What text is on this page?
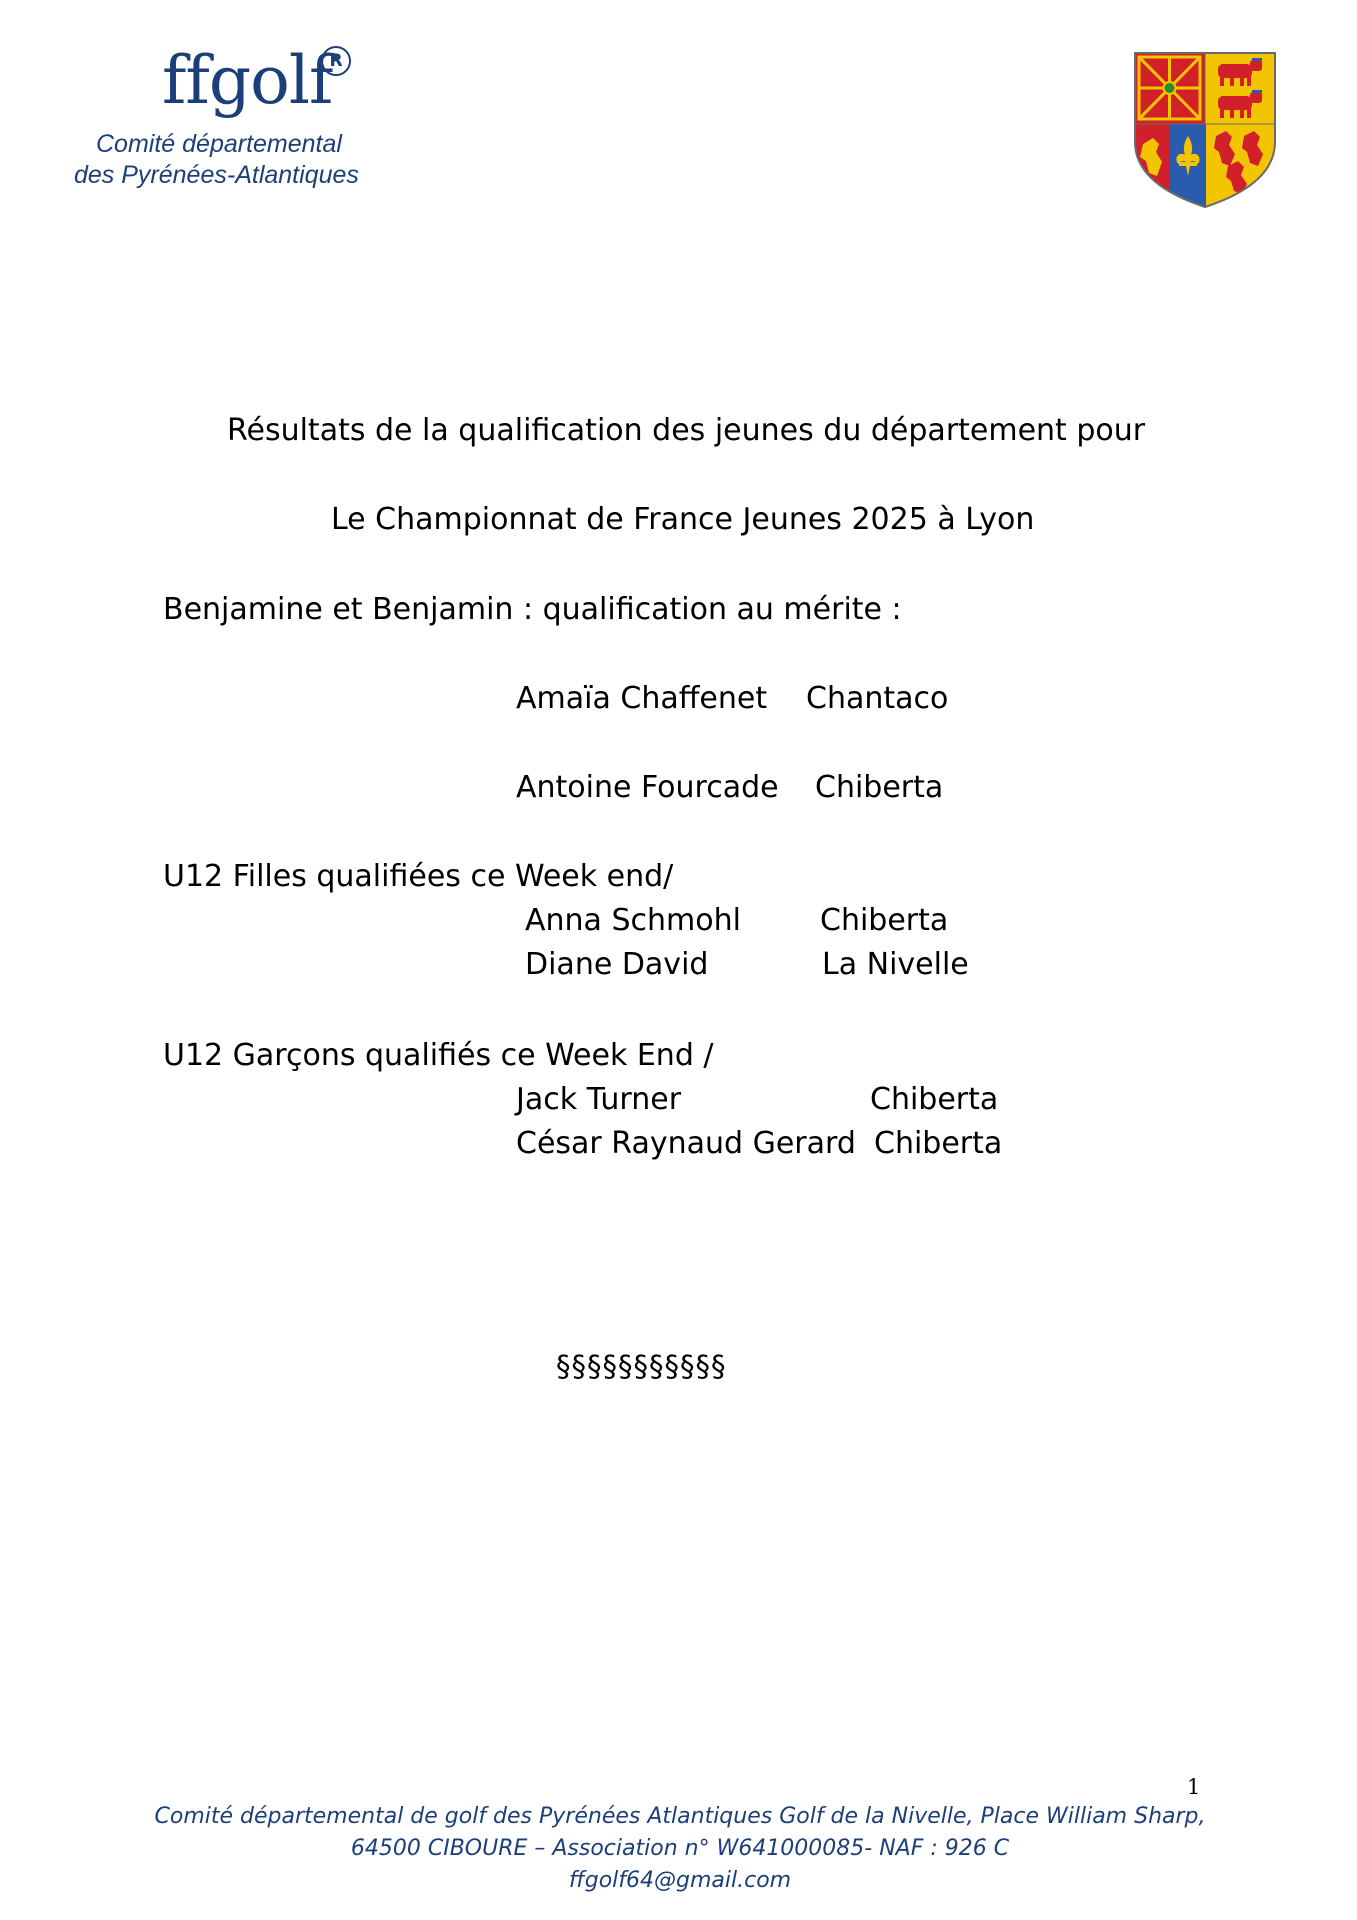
ffgolf
R
Comité départemental
des Pyrénées-Atlantiques
Résultats de la qualification des jeunes du département pour
Le Championnat de France Jeunes 2025 à Lyon
Benjamine et Benjamin : qualification au mérite :
Amaïa Chaffenet Chantaco
Antoine Fourcade Chiberta
U12 Filles qualifiées ce Week end/
Anna Schmohl	Chiberta
Diane David	La Nivelle
U12 Garçons qualifiés ce Week End /
Jack Turner	Chiberta
César Raynaud Gerard Chiberta
§§§§§§§§§§§
1
Comité départemental de golf des Pyrénées Atlantiques Golf de la Nivelle, Place William Sharp,
64500 CIBOURE – Association n° W641000085- NAF : 926 C
ffgolf64@gmail.com
